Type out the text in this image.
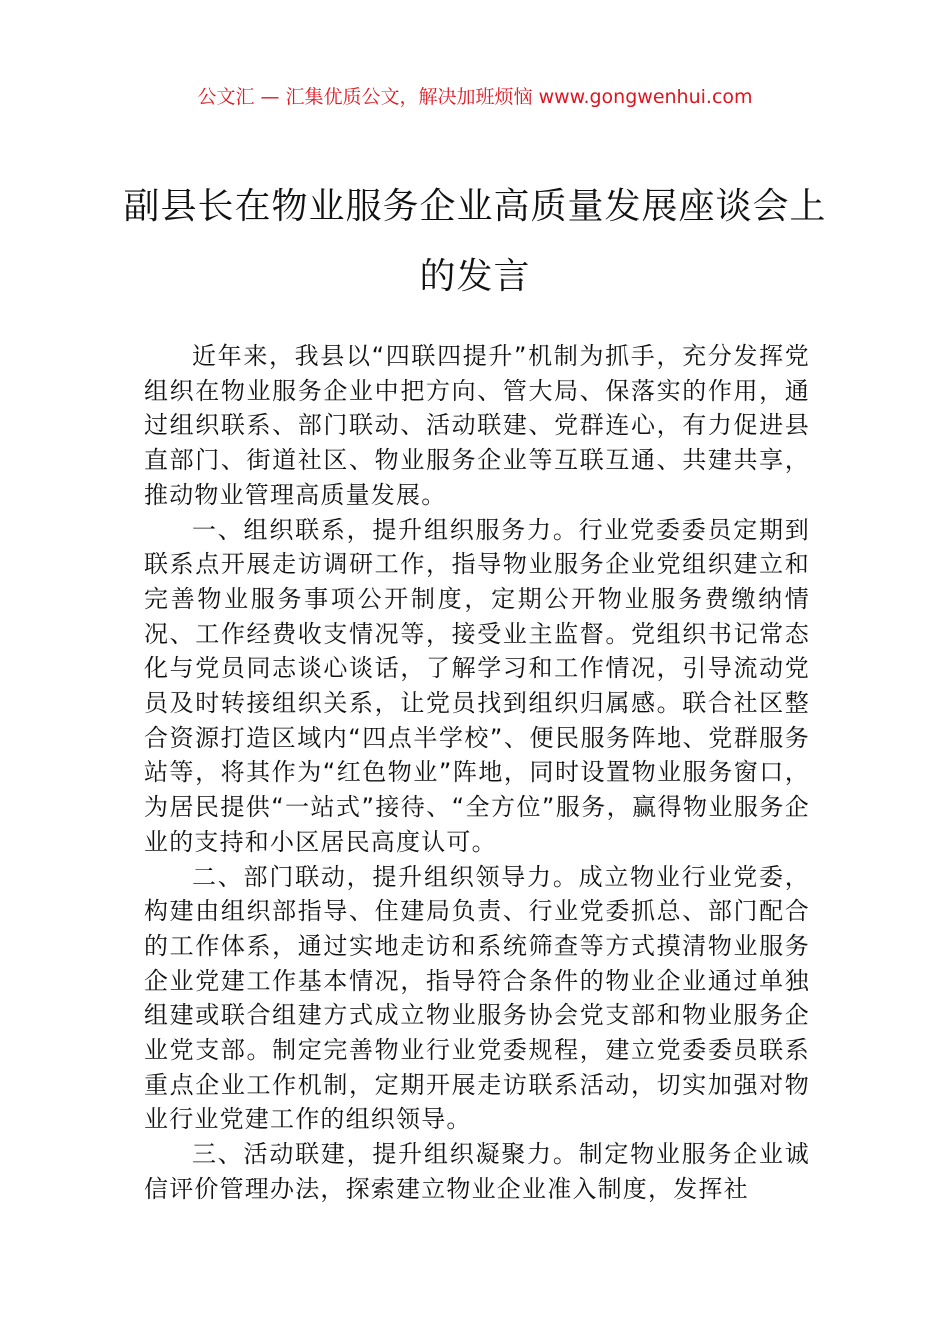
公文汇 — 汇集优质公文，解决加班烦恼 www.gongwenhui.com
副县长在物业服务企业高质量发展座谈会上的发言

近年来，我县以“四联四提升”机制为抓手，充分发挥党组织在物业服务企业中把方向、管大局、保落实的作用，通过组织联系、部门联动、活动联建、党群连心，有力促进县直部门、街道社区、物业服务企业等互联互通、共建共享，推动物业管理高质量发展。

一、组织联系，提升组织服务力。行业党委委员定期到联系点开展走访调研工作，指导物业服务企业党组织建立和完善物业服务事项公开制度，定期公开物业服务费缴纳情况、工作经费收支情况等，接受业主监督。党组织书记常态化与党员同志谈心谈话，了解学习和工作情况，引导流动党员及时转接组织关系，让党员找到组织归属感。联合社区整合资源打造区域内“四点半学校”、便民服务阵地、党群服务站等，将其作为“红色物业”阵地，同时设置物业服务窗口，为居民提供“一站式”接待、“全方位”服务，赢得物业服务企业的支持和小区居民高度认可。

二、部门联动，提升组织领导力。成立物业行业党委，构建由组织部指导、住建局负责、行业党委抓总、部门配合的工作体系，通过实地走访和系统筛查等方式摸清物业服务企业党建工作基本情况，指导符合条件的物业企业通过单独组建或联合组建方式成立物业服务协会党支部和物业服务企业党支部。制定完善物业行业党委规程，建立党委委员联系重点企业工作机制，定期开展走访联系活动，切实加强对物业行业党建工作的组织领导。

三、活动联建，提升组织凝聚力。制定物业服务企业诚信评价管理办法，探索建立物业企业准入制度，发挥社
